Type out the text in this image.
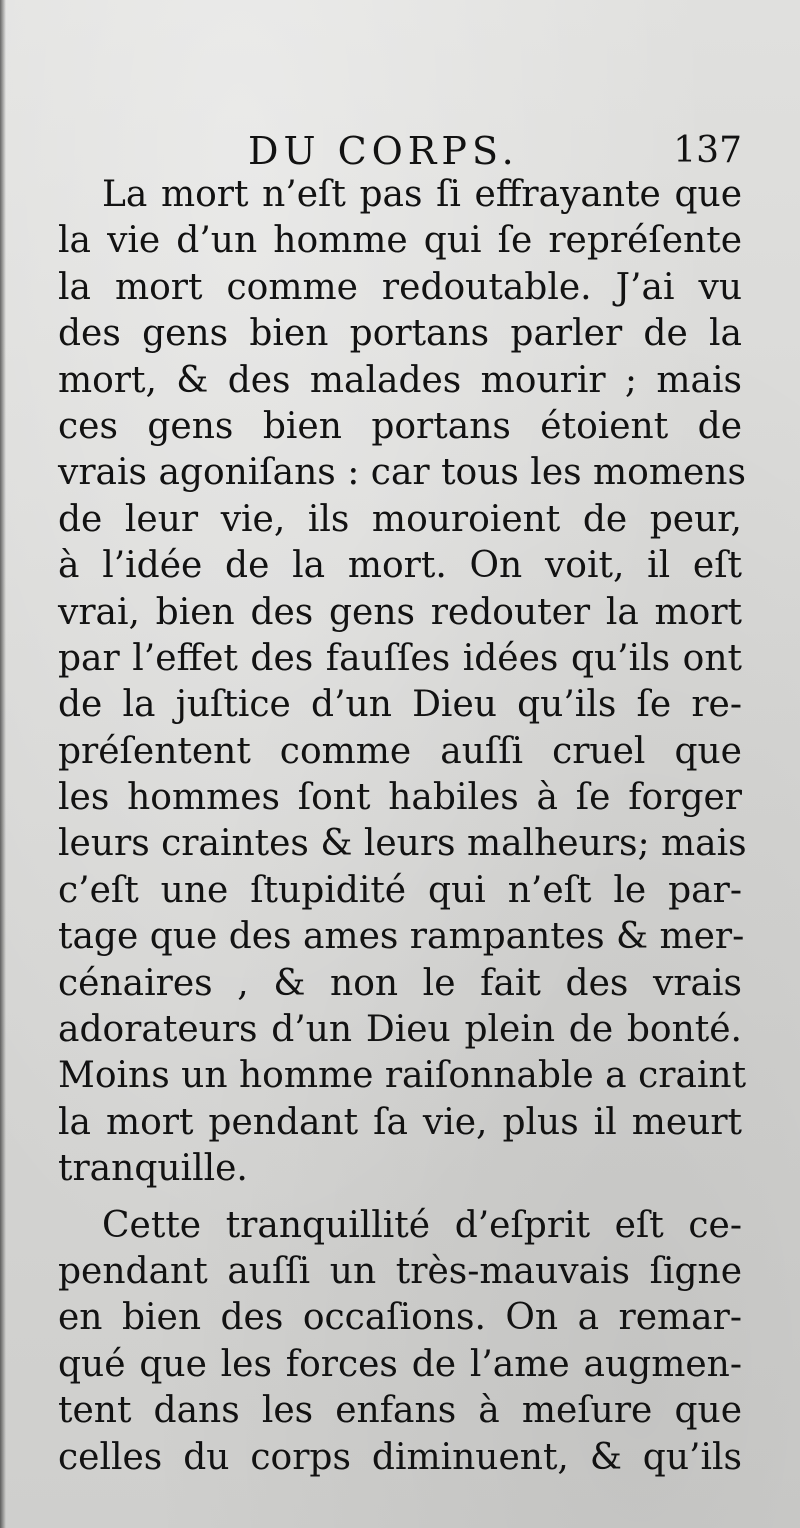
DU CORPS.	137
La mort n’eſt pas ſi effrayante que
la vie d’un homme qui ſe repréſente
la mort comme redoutable. J’ai vu
des gens bien portans parler de la
mort, & des malades mourir ; mais
ces gens bien portans étoient de
vrais agoniſans : car tous les momens
de leur vie, ils mouroient de peur,
à l’idée de la mort. On voit, il eſt
vrai, bien des gens redouter la mort
par l’effet des fauſſes idées qu’ils ont
de la juſtice d’un Dieu qu’ils ſe re-
préſentent comme auſſi cruel que
les hommes ſont habiles à ſe forger
leurs craintes & leurs malheurs; mais
c’eſt une ſtupidité qui n’eſt le par-
tage que des ames rampantes & mer-
cénaires , & non le fait des vrais
adorateurs d’un Dieu plein de bonté.
Moins un homme raiſonnable a craint
la mort pendant ſa vie, plus il meurt
tranquille.
Cette tranquillité d’eſprit eſt ce-
pendant auſſi un très-mauvais ſigne
en bien des occaſions. On a remar-
qué que les forces de l’ame augmen-
tent dans les enfans à meſure que
celles du corps diminuent, & qu’ils
